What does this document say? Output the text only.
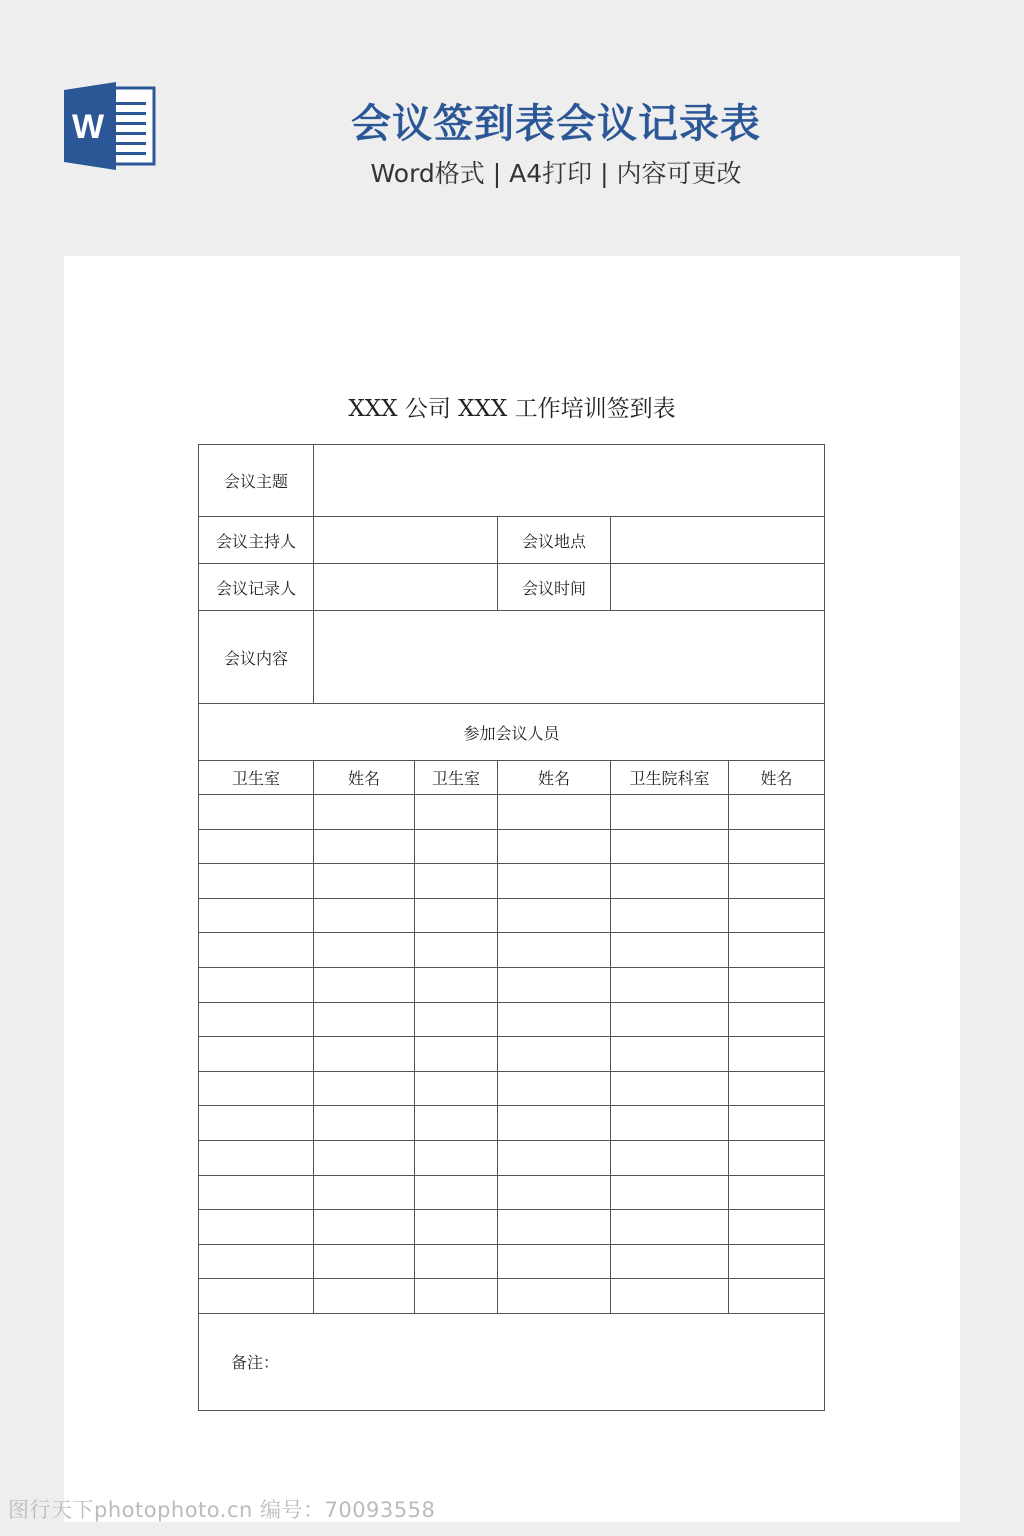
W	会议签到表会议记录表
Word格式 | A4打印 | 内容可更改
XXX 公司 XXX 工作培训签到表
会议主题					
会议主持人			会议地点		
会议记录人			会议时间		
会议内容					
参加会议人员					
卫生室	姓名	卫生室	姓名	卫生院科室	姓名

备注：					
图行天下photophoto.cn 编号：70093558
